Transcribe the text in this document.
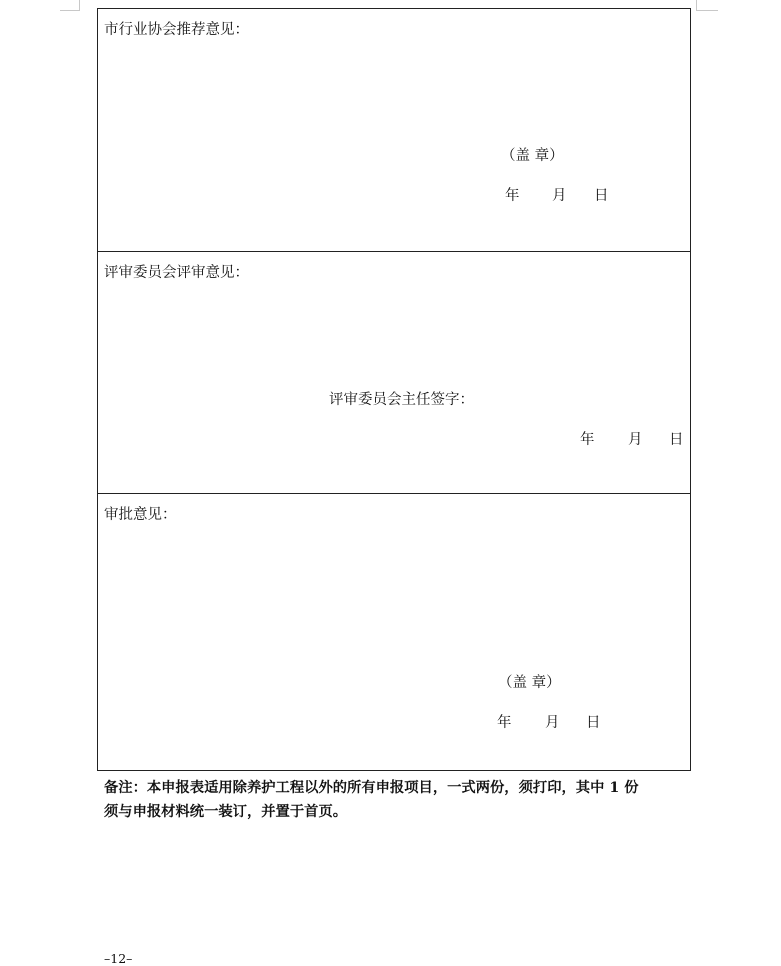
市行业协会推荐意见：
（盖 章）
年 月 日
评审委员会评审意见：
评审委员会主任签字：
年 月 日
审批意见：
（盖 章）
年 月 日
备注：本申报表适用除养护工程以外的所有申报项目，一式两份，须打印，其中 1 份
须与申报材料统一装订，并置于首页。
–12–
